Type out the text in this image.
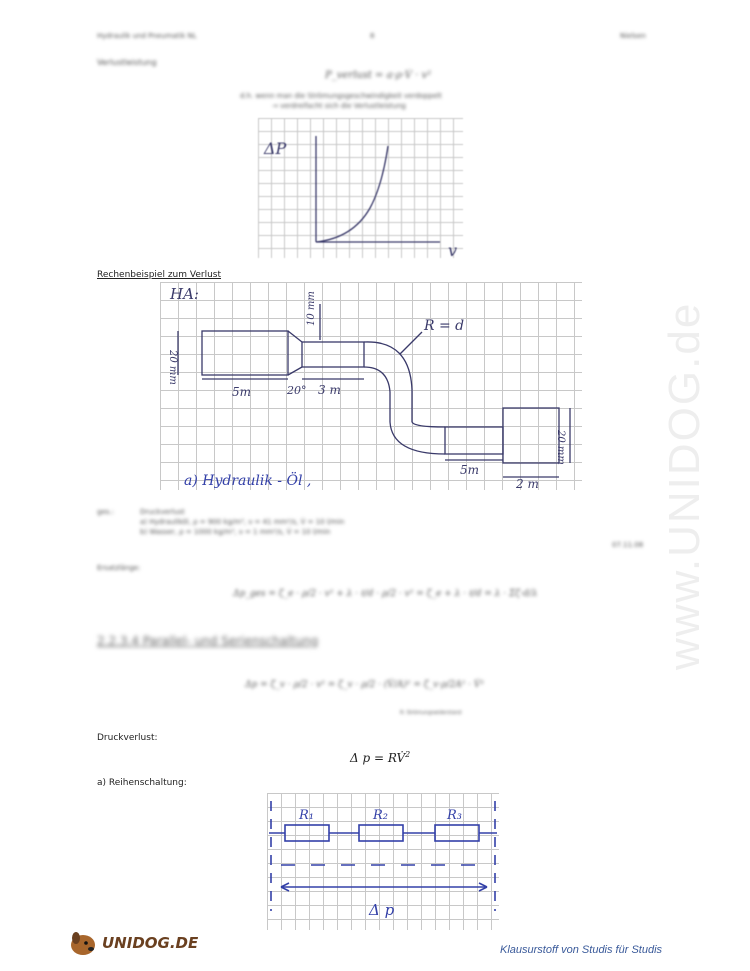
Hydraulik und Pneumatik NL	8	Nielsen
Verlustleistung
P_verlust = a·ρ·V̇ · v²
d.h. wenn man die Strömungsgeschwindigkeit verdoppelt
→ verdreifacht sich die Verlustleistung
ΔP
v
Rechenbeispiel zum Verlust
HA:
20 mm
5m	20° 3 m
10 mm	R = d
5m
2 m
20 mm
a) Hydraulik - Öl ,
ges.:	Druckverlust
a) Hydrauliköl, ρ = 900 kg/m³, ν = 41 mm²/s, V̇ = 10 l/min
b) Wasser, ρ = 1000 kg/m³, ν = 1 mm²/s, V̇ = 10 l/min
07.11.08
Ersatzlänge:
Δp_ges = ζ_e · ρ/2 · v² + λ · ℓ/d · ρ/2 · v² = ζ_e + λ · ℓ/d = λ · Σζ·d/λ
2.2.3.4 Parallel- und Serienschaltung
Δp = ζ_v · ρ/2 · v² = ζ_v · ρ/2 · (V̇/A)² = ζ_v·ρ/2A² · V̇²
R: Strömungswiderstand
Druckverlust:
Δ p = RV̇$^2$
a) Reihenschaltung:
R₁	R₂	R₃
Δ p
www.UNIDOG.de
UNIDOG.DE	Klausurstoff von Studis für Studis
